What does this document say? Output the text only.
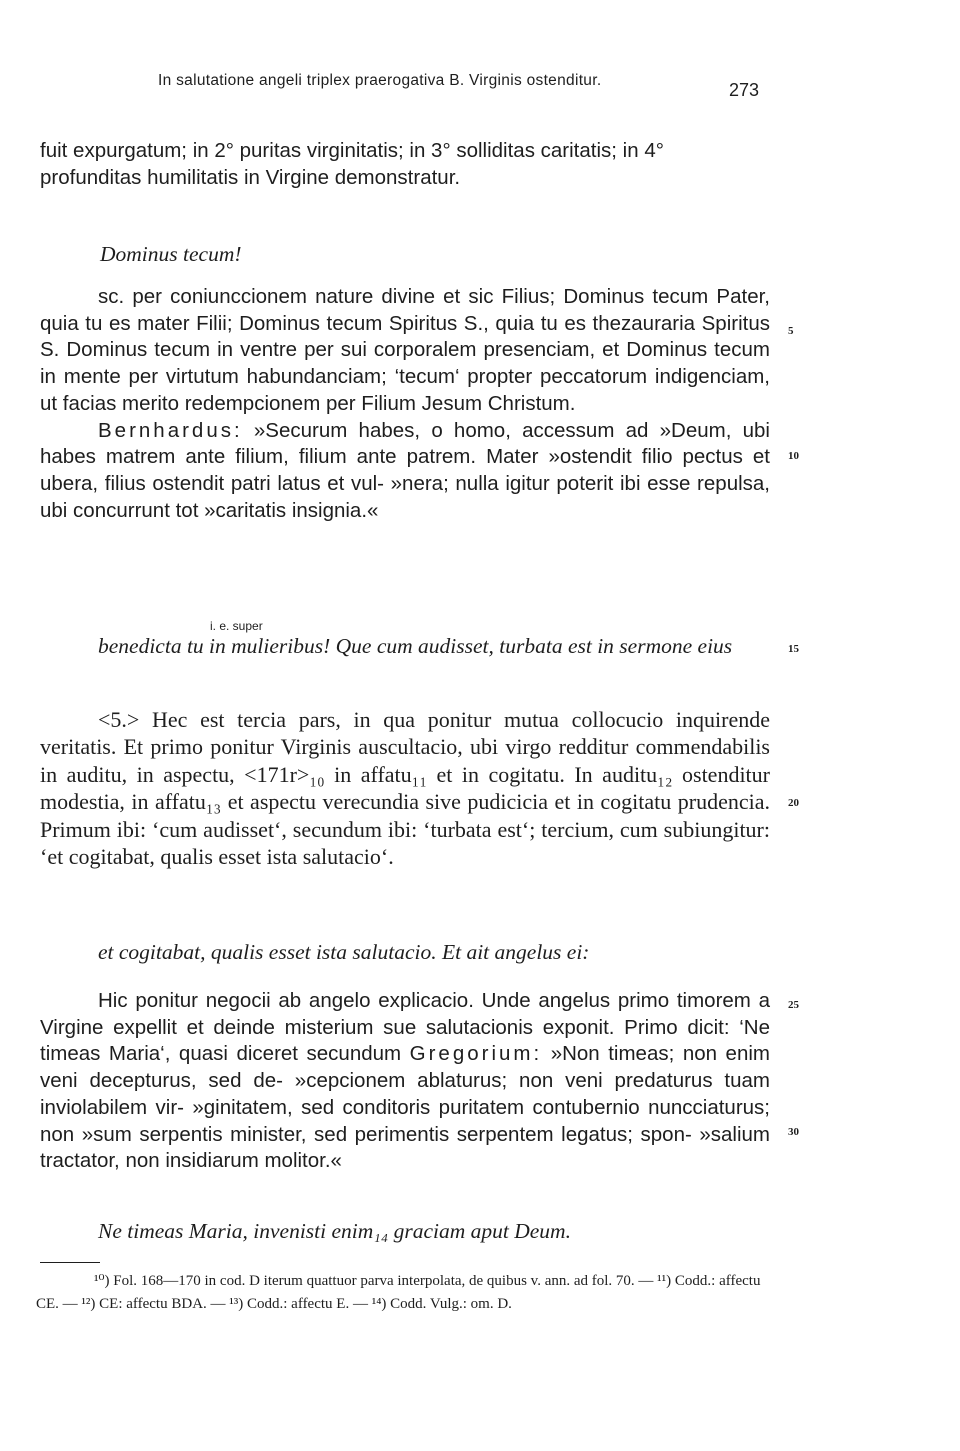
In salutatione angeli triplex praerogativa B. Virginis ostenditur.	273

fuit expurgatum; in 2° puritas virginitatis; in 3° solliditas caritatis; in 4° profunditas humilitatis in Virgine demonstratur.

Dominus tecum!

sc. per coniunccionem nature divine et sic Filius; Dominus tecum Pater, quia tu es mater Filii; Dominus tecum Spiritus S., quia tu es thezauraria Spiritus S. Dominus tecum in ventre per sui corporalem presenciam, et Dominus tecum in mente per virtutum habundanciam; ‘tecum‘ propter peccatorum indigenciam, ut facias merito redempcionem per Filium Jesum Christum.

Bernhardus: »Securum habes, o homo, accessum ad »Deum, ubi habes matrem ante filium, filium ante patrem. Mater »ostendit filio pectus et ubera, filius ostendit patri latus et vul- »nera; nulla igitur poterit ibi esse repulsa, ubi concurrunt tot »caritatis insignia.«

i. e. super

benedicta tu in mulieribus! Que cum audisset, turbata est in sermone eius

<5.> Hec est tercia pars, in qua ponitur mutua collocucio inquirende veritatis. Et primo ponitur Virginis auscultacio, ubi virgo redditur commendabilis in auditu, in aspectu, <171r>₁₀ in affatu₁₁ et in cogitatu. In auditu₁₂ ostenditur modestia, in affatu₁₃ et aspectu verecundia sive pudicicia et in cogitatu prudencia. Primum ibi: ‘cum audisset‘, secundum ibi: ‘turbata est‘; tercium, cum subiungitur: ‘et cogitabat, qualis esset ista salutacio‘.

et cogitabat, qualis esset ista salutacio. Et ait angelus ei:

Hic ponitur negocii ab angelo explicacio. Unde angelus primo timorem a Virgine expellit et deinde misterium sue salutacionis exponit. Primo dicit: ‘Ne timeas Maria‘, quasi diceret secundum Gregorium: »Non timeas; non enim veni decepturus, sed de- »cepcionem ablaturus; non veni predaturus tuam inviolabilem vir- »ginitatem, sed conditoris puritatem contubernio nuncciaturus; non »sum serpentis minister, sed perimentis serpentem legatus; spon- »salium tractator, non insidiarum molitor.«

Ne timeas Maria, invenisti enim₁₄ graciam aput Deum.

5
10
15
20
25
30

¹⁰) Fol. 168—170 in cod. D iterum quattuor parva interpolata, de quibus v. ann. ad fol. 70. — ¹¹) Codd.: affectu CE. — ¹²) CE: affectu BDA. — ¹³) Codd.: affectu E. — ¹⁴) Codd. Vulg.: om. D.
